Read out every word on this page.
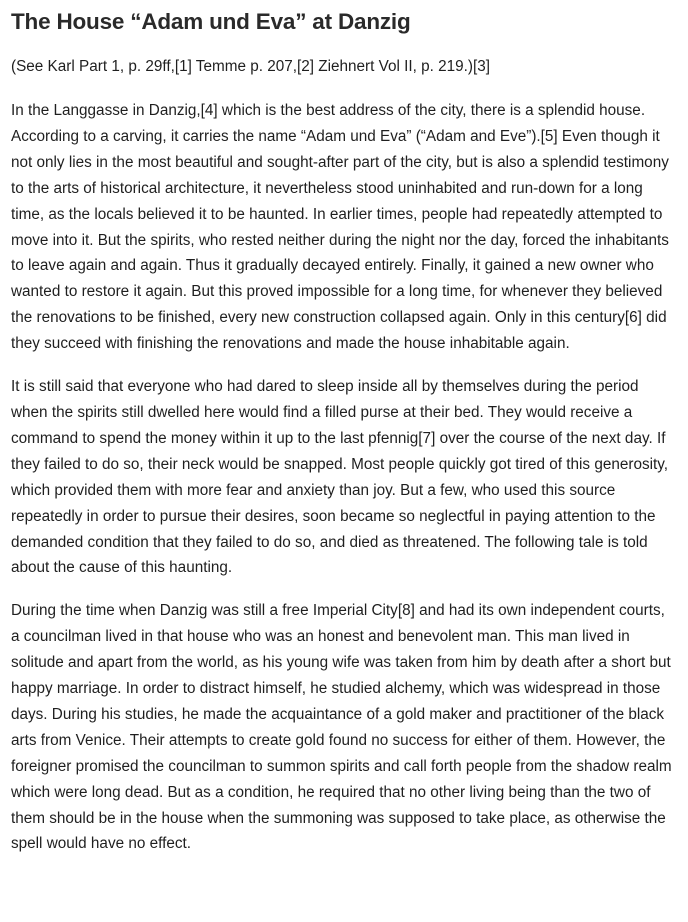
The House “Adam und Eva” at Danzig
(See Karl Part 1, p. 29ff,[1] Temme p. 207,[2] Ziehnert Vol II, p. 219.)[3]

In the Langgasse in Danzig,[4] which is the best address of the city, there is a splendid house. According to a carving, it carries the name “Adam und Eva” (“Adam and Eve”).[5] Even though it not only lies in the most beautiful and sought-after part of the city, but is also a splendid testimony to the arts of historical architecture, it nevertheless stood uninhabited and run-down for a long time, as the locals believed it to be haunted. In earlier times, people had repeatedly attempted to move into it. But the spirits, who rested neither during the night nor the day, forced the inhabitants to leave again and again. Thus it gradually decayed entirely. Finally, it gained a new owner who wanted to restore it again. But this proved impossible for a long time, for whenever they believed the renovations to be finished, every new construction collapsed again. Only in this century[6] did they succeed with finishing the renovations and made the house inhabitable again.

It is still said that everyone who had dared to sleep inside all by themselves during the period when the spirits still dwelled here would find a filled purse at their bed. They would receive a command to spend the money within it up to the last pfennig[7] over the course of the next day. If they failed to do so, their neck would be snapped. Most people quickly got tired of this generosity, which provided them with more fear and anxiety than joy. But a few, who used this source repeatedly in order to pursue their desires, soon became so neglectful in paying attention to the demanded condition that they failed to do so, and died as threatened. The following tale is told about the cause of this haunting.

During the time when Danzig was still a free Imperial City[8] and had its own independent courts, a councilman lived in that house who was an honest and benevolent man. This man lived in solitude and apart from the world, as his young wife was taken from him by death after a short but happy marriage. In order to distract himself, he studied alchemy, which was widespread in those days. During his studies, he made the acquaintance of a gold maker and practitioner of the black arts from Venice. Their attempts to create gold found no success for either of them. However, the foreigner promised the councilman to summon spirits and call forth people from the shadow realm which were long dead. But as a condition, he required that no other living being than the two of them should be in the house when the summoning was supposed to take place, as otherwise the spell would have no effect.
